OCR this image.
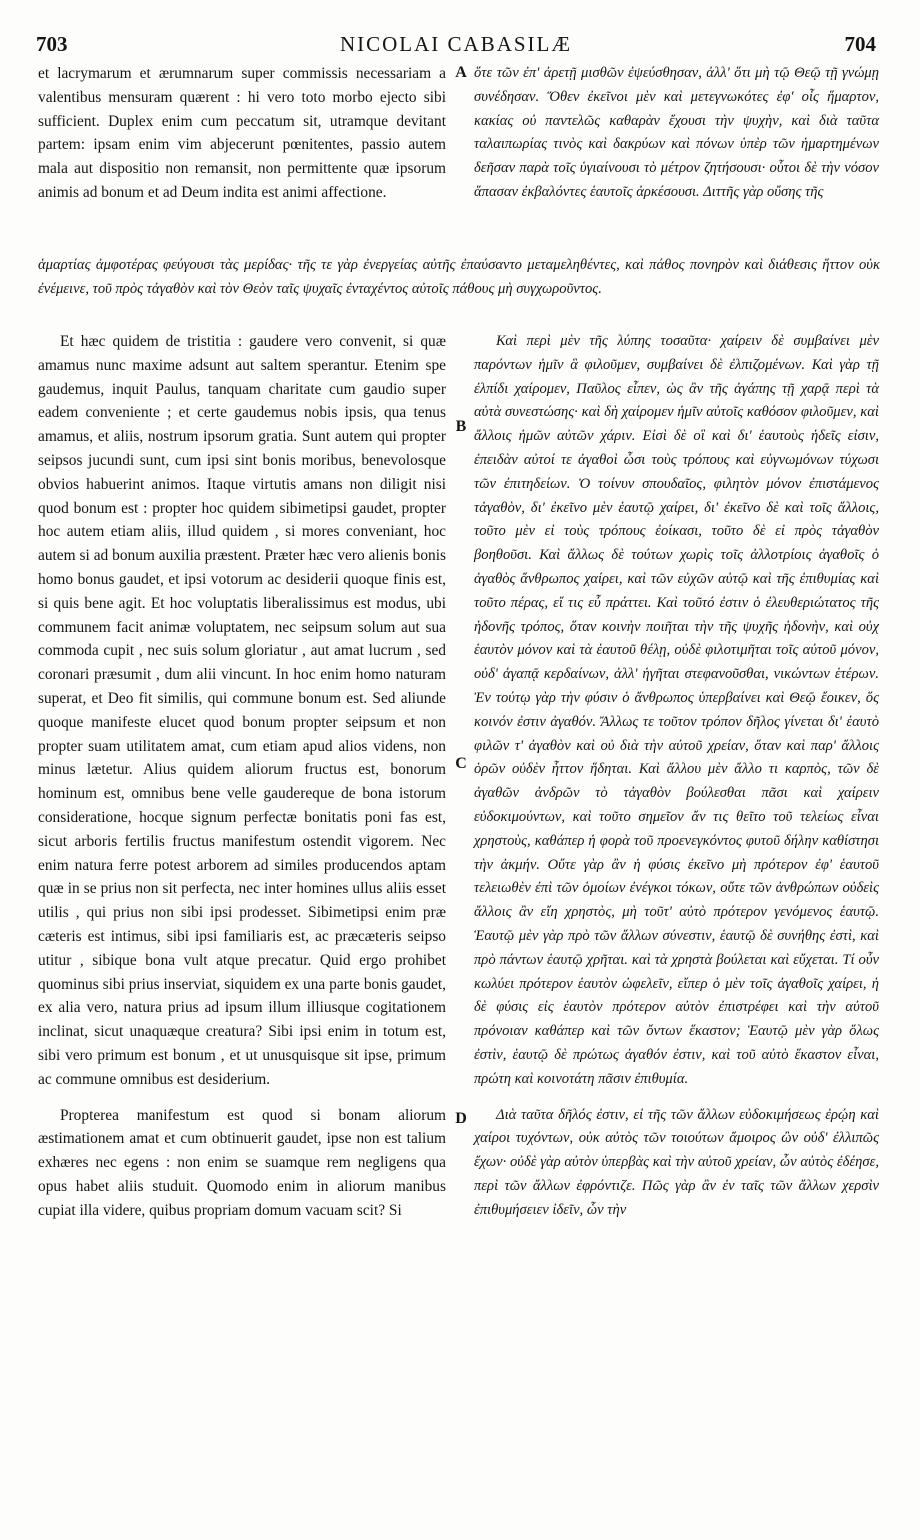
703	NICOLAI CABASILÆ	704

et lacrymarum et ærumnarum super commissis necessariam a valentibus mensuram quærent : hi vero toto morbo ejecto sibi sufficient. Duplex enim cum peccatum sit, utramque devitant partem: ipsam enim vim abjecerunt pœnitentes, passio autem mala aut dispositio non remansit, non permittente quæ ipsorum animis ad bonum et ad Deum indita est animi affectione.

ὅτε τῶν ἐπ' ἀρετῇ μισθῶν ἐψεύσθησαν, ἀλλ' ὅτι μὴ τῷ Θεῷ τῇ γνώμῃ συνέδησαν. Ὅθεν ἐκεῖνοι μὲν καὶ μετεγνωκότες ἐφ' οἷς ἥμαρτον, κακίας οὐ παντελῶς καθαρὰν ἔχουσι τὴν ψυχὴν, καὶ διὰ ταῦτα ταλαιπωρίας τινὸς καὶ δακρύων καὶ πόνων ὑπὲρ τῶν ἡμαρτημένων δεῆσαν παρὰ τοῖς ὑγιαίνουσι τὸ μέτρον ζητήσουσι· οὗτοι δὲ τὴν νόσον ἅπασαν ἐκβαλόντες ἑαυτοῖς ἀρκέσουσι. Διττῆς γὰρ οὔσης τῆς

ἁμαρτίας ἀμφοτέρας φεύγουσι τὰς μερίδας· τῆς τε γὰρ ἐνεργείας αὐτῆς ἐπαύσαντο μεταμεληθέντες, καὶ πάθος πονηρὸν καὶ διάθεσις ἥττον οὐκ ἐνέμεινε, τοῦ πρὸς τἀγαθὸν καὶ τὸν Θεὸν ταῖς ψυχαῖς ἐνταχέντος αὐτοῖς πάθους μὴ συγχωροῦντος.

Et hæc quidem de tristitia : gaudere vero convenit, si quæ amamus nunc maxime adsunt aut saltem sperantur. Etenim spe gaudemus, inquit Paulus, tanquam charitate cum gaudio super eadem conveniente ; et certe gaudemus nobis ipsis, qua tenus amamus, et aliis, nostrum ipsorum gratia. Sunt autem qui propter seipsos jucundi sunt, cum ipsi sint bonis moribus, benevolosque obvios habuerint animos. Itaque virtutis amans non diligit nisi quod bonum est : propter hoc quidem sibimetipsi gaudet, propter hoc autem etiam aliis, illud quidem , si mores conveniant, hoc autem si ad bonum auxilia præstent. Præter hæc vero alienis bonis homo bonus gaudet, et ipsi votorum ac desiderii quoque finis est, si quis bene agit. Et hoc voluptatis liberalissimus est modus, ubi communem facit animæ voluptatem, nec seipsum solum aut sua commoda cupit , nec suis solum gloriatur , aut amat lucrum , sed coronari præsumit , dum alii vincunt. In hoc enim homo naturam superat, et Deo fit similis, qui commune bonum est. Sed aliunde quoque manifeste elucet quod bonum propter seipsum et non propter suam utilitatem amat, cum etiam apud alios videns, non minus lætetur. Alius quidem aliorum fructus est, bonorum hominum est, omnibus bene velle gaudereque de bona istorum consideratione, hocque signum perfectæ bonitatis poni fas est, sicut arboris fertilis fructus manifestum ostendit vigorem. Nec enim natura ferre potest arborem ad similes producendos aptam quæ in se prius non sit perfecta, nec inter homines ullus aliis esset utilis , qui prius non sibi ipsi prodesset. Sibimetipsi enim præ cæteris est intimus, sibi ipsi familiaris est, ac præcæteris seipso utitur , sibique bona vult atque precatur. Quid ergo prohibet quominus sibi prius inserviat, siquidem ex una parte bonis gaudet, ex alia vero, natura prius ad ipsum illum illiusque cogitationem inclinat, sicut unaquæque creatura? Sibi ipsi enim in totum est, sibi vero primum est bonum , et ut unusquisque sit ipse, primum ac commune omnibus est desiderium.

Propterea manifestum est quod si bonam aliorum æstimationem amat et cum obtinuerit gaudet, ipse non est talium exhæres nec egens : non enim se suamque rem negligens qua opus habet aliis studuit. Quomodo enim in aliorum manibus cupiat illa videre, quibus propriam domum vacuam scit? Si

Καὶ περὶ μὲν τῆς λύπης τοσαῦτα· χαίρειν δὲ συμβαίνει μὲν παρόντων ἡμῖν ἃ φιλοῦμεν, συμβαίνει δὲ ἐλπιζομένων. Καὶ γὰρ τῇ ἐλπίδι χαίρομεν, Παῦλος εἶπεν, ὡς ἂν τῆς ἀγάπης τῇ χαρᾷ περὶ τὰ αὐτὰ συνεστώσης· καὶ δὴ χαίρομεν ἡμῖν αὐτοῖς καθόσον φιλοῦμεν, καὶ ἄλλοις ἡμῶν αὐτῶν χάριν. Εἰσὶ δὲ οἳ καὶ δι' ἑαυτοὺς ἡδεῖς εἰσιν, ἐπειδὰν αὐτοί τε ἀγαθοὶ ὦσι τοὺς τρόπους καὶ εὐγνωμόνων τύχωσι τῶν ἐπιτηδείων. Ὁ τοίνυν σπουδαῖος, φιλητὸν μόνον ἐπιστάμενος τἀγαθὸν, δι' ἐκεῖνο μὲν ἑαυτῷ χαίρει, δι' ἐκεῖνο δὲ καὶ τοῖς ἄλλοις, τοῦτο μὲν εἰ τοὺς τρόπους ἐοίκασι, τοῦτο δὲ εἰ πρὸς τἀγαθὸν βοηθοῦσι. Καὶ ἄλλως δὲ τούτων χωρὶς τοῖς ἀλλοτρίοις ἀγαθοῖς ὁ ἀγαθὸς ἄνθρωπος χαίρει, καὶ τῶν εὐχῶν αὐτῷ καὶ τῆς ἐπιθυμίας καὶ τοῦτο πέρας, εἴ τις εὖ πράττει. Καὶ τοῦτό ἐστιν ὁ ἐλευθεριώτατος τῆς ἡδονῆς τρόπος, ὅταν κοινὴν ποιῆται τὴν τῆς ψυχῆς ἡδονὴν, καὶ οὐχ ἑαυτὸν μόνον καὶ τὰ ἑαυτοῦ θέλῃ, οὐδὲ φιλοτιμῆται τοῖς αὐτοῦ μόνον, οὐδ' ἀγαπᾷ κερδαίνων, ἀλλ' ἡγῆται στεφανοῦσθαι, νικώντων ἑτέρων. Ἐν τούτῳ γὰρ τὴν φύσιν ὁ ἄνθρωπος ὑπερβαίνει καὶ Θεῷ ἔοικεν, ὅς κοινόν ἐστιν ἀγαθόν. Ἄλλως τε τοῦτον τρόπον δῆλος γίνεται δι' ἑαυτὸ φιλῶν τ' ἀγαθὸν καὶ οὐ διὰ τὴν αὐτοῦ χρείαν, ὅταν καὶ παρ' ἄλλοις ὁρῶν οὐδὲν ἧττον ἥδηται. Καὶ ἄλλου μὲν ἄλλο τι καρπὸς, τῶν δὲ ἀγαθῶν ἀνδρῶν τὸ τἀγαθὸν βούλεσθαι πᾶσι καὶ χαίρειν εὐδοκιμούντων, καὶ τοῦτο σημεῖον ἄν τις θεῖτο τοῦ τελείως εἶναι χρηστοὺς, καθάπερ ἡ φορὰ τοῦ προενεγκόντος φυτοῦ δήλην καθίστησι τὴν ἀκμήν. Οὔτε γὰρ ἂν ἡ φύσις ἐκεῖνο μὴ πρότερον ἐφ' ἑαυτοῦ τελειωθὲν ἐπὶ τῶν ὁμοίων ἐνέγκοι τόκων, οὔτε τῶν ἀνθρώπων οὐδεὶς ἄλλοις ἂν εἴη χρηστὸς, μὴ τοῦτ' αὐτὸ πρότερον γενόμενος ἑαυτῷ. Ἑαυτῷ μὲν γὰρ πρὸ τῶν ἄλλων σύνεστιν, ἑαυτῷ δὲ συνήθης ἐστὶ, καὶ πρὸ πάντων ἑαυτῷ χρῆται. καὶ τὰ χρηστὰ βούλεται καὶ εὔχεται. Τί οὖν κωλύει πρότερον ἑαυτὸν ὠφελεῖν, εἴπερ ὁ μὲν τοῖς ἀγαθοῖς χαίρει, ἡ δὲ φύσις εἰς ἑαυτὸν πρότερον αὐτὸν ἐπιστρέφει καὶ τὴν αὐτοῦ πρόνοιαν καθάπερ καὶ τῶν ὄντων ἕκαστον; Ἑαυτῷ μὲν γὰρ ὅλως ἐστὶν, ἑαυτῷ δὲ πρώτως ἀγαθόν ἐστιν, καὶ τοῦ αὐτὸ ἕκαστον εἶναι, πρώτη καὶ κοινοτάτη πᾶσιν ἐπιθυμία.

Διὰ ταῦτα δῆλός ἐστιν, εἰ τῆς τῶν ἄλλων εὐδοκιμήσεως ἐρῴη καὶ χαίροι τυχόντων, οὐκ αὐτὸς τῶν τοιούτων ἄμοιρος ὢν οὐδ' ἐλλιπῶς ἔχων· οὐδὲ γὰρ αὐτὸν ὑπερβὰς καὶ τὴν αὐτοῦ χρείαν, ὧν αὐτὸς ἐδέησε, περὶ τῶν ἄλλων ἐφρόντιζε. Πῶς γὰρ ἂν ἐν ταῖς τῶν ἄλλων χερσὶν ἐπιθυμήσειεν ἰδεῖν, ὧν τὴν

A
B
C
D
